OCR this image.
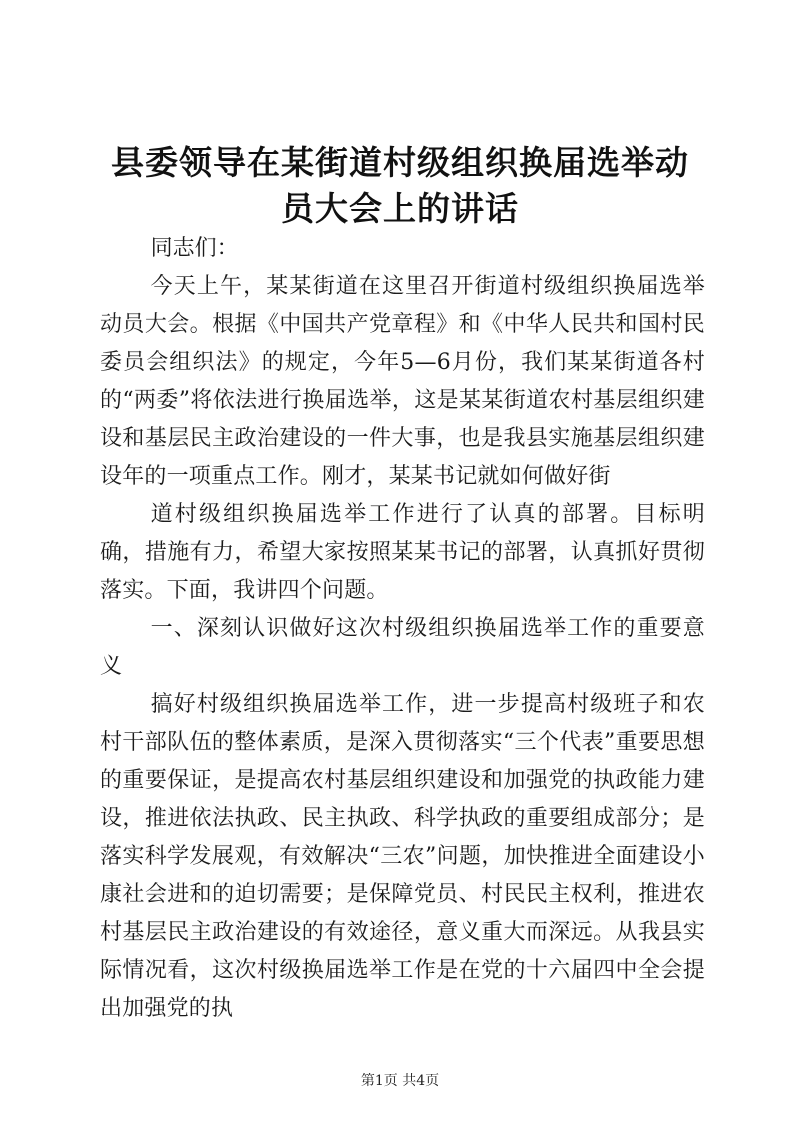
县委领导在某街道村级组织换届选举动员大会上的讲话

同志们：

今天上午，某某街道在这里召开街道村级组织换届选举动员大会。根据《中国共产党章程》和《中华人民共和国村民委员会组织法》的规定，今年5—6月份，我们某某街道各村的“两委”将依法进行换届选举，这是某某街道农村基层组织建设和基层民主政治建设的一件大事，也是我县实施基层组织建设年的一项重点工作。刚才，某某书记就如何做好街

道村级组织换届选举工作进行了认真的部署。目标明确，措施有力，希望大家按照某某书记的部署，认真抓好贯彻落实。下面，我讲四个问题。

一、深刻认识做好这次村级组织换届选举工作的重要意义

搞好村级组织换届选举工作，进一步提高村级班子和农村干部队伍的整体素质，是深入贯彻落实“三个代表”重要思想的重要保证，是提高农村基层组织建设和加强党的执政能力建设，推进依法执政、民主执政、科学执政的重要组成部分；是落实科学发展观，有效解决“三农”问题，加快推进全面建设小康社会进和的迫切需要；是保障党员、村民民主权利，推进农村基层民主政治建设的有效途径，意义重大而深远。从我县实际情况看，这次村级换届选举工作是在党的十六届四中全会提出加强党的执

第1页 共4页
